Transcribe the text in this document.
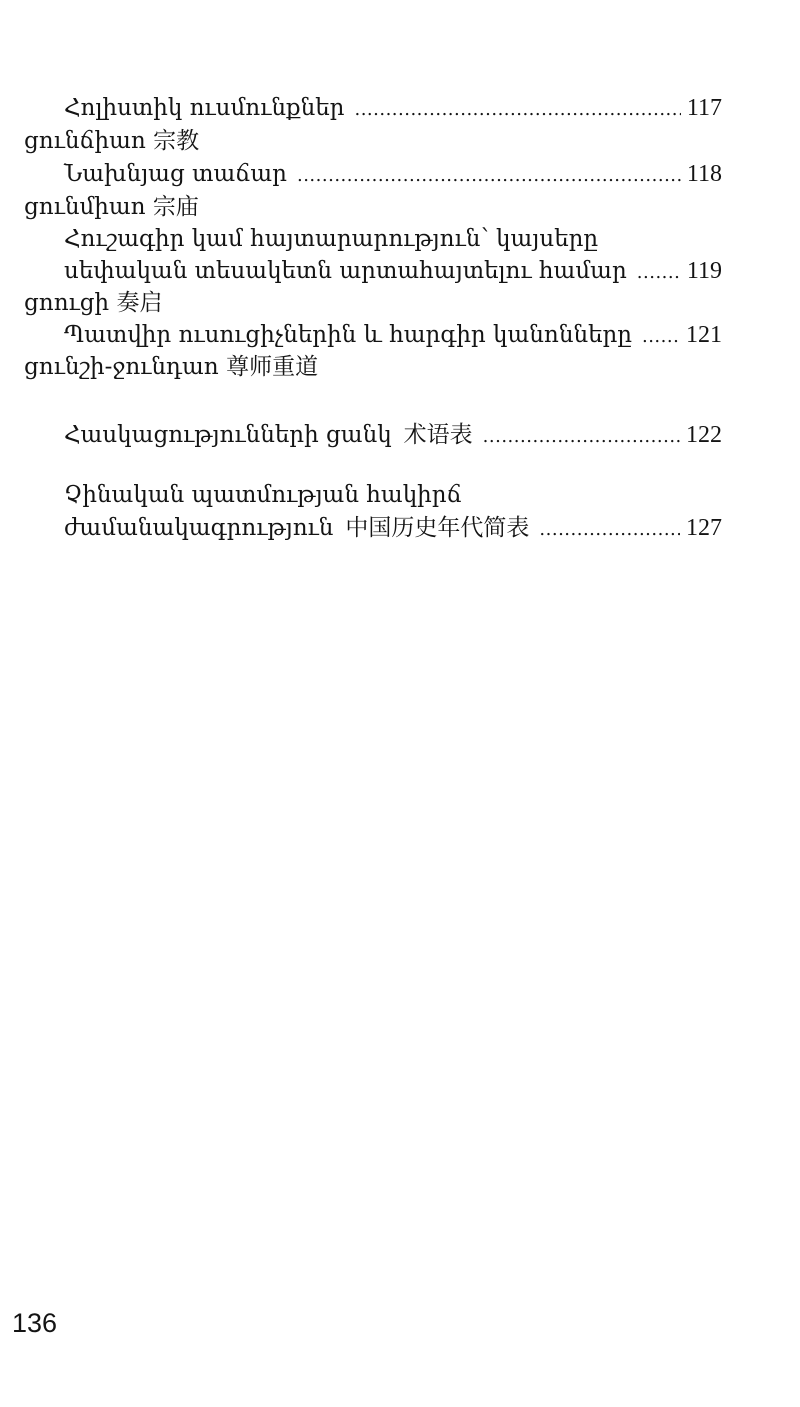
Հոլիստիկ ուսմունքներ .....	117
ցունճիաո 宗教
Նախնյաց տաճար .....	118
ցունմիաո 宗庙
Հուշագիր կամ հայտարարություն՝ կայսերը
սեփական տեսակետն արտահայտելու համար .....	119
ցոուցի 奏启
Պատվիր ուսուցիչներին և հարգիր կանոնները ..... 121
ցունշի-ջունդաո 尊师重道
Հասկացությունների ցանկ 术语表 .....	122
Չինական պատմության հակիրճ
ժամանակագրություն 中国历史年代简表 .....	127
136
